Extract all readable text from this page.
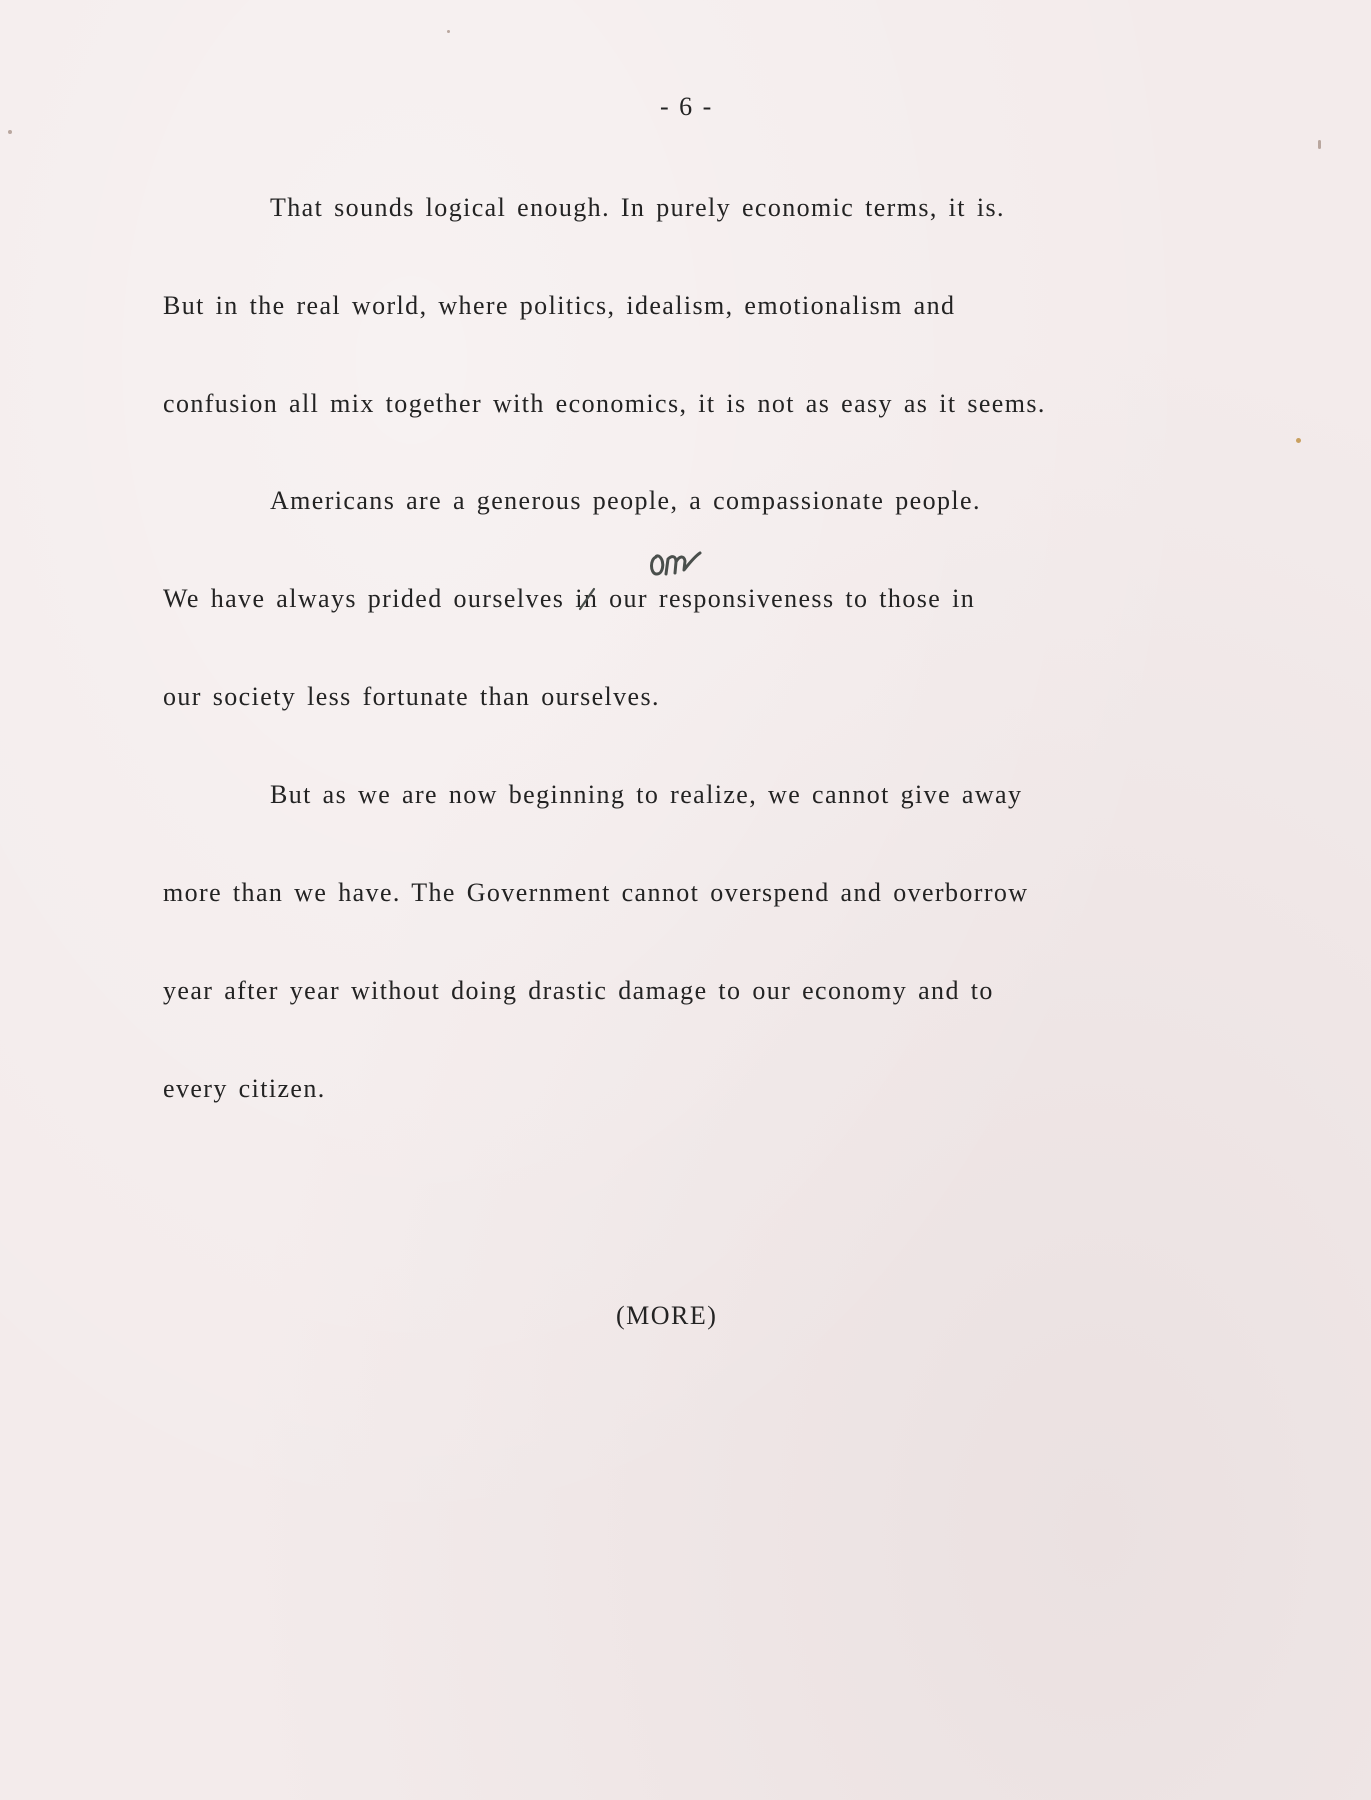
- 6 -
That sounds logical enough. In purely economic terms, it is.
But in the real world, where politics, idealism, emotionalism and
confusion all mix together with economics, it is not as easy as it seems.
Americans are a generous people, a compassionate people.
We have always prided ourselves in
our responsiveness to those in
our society less fortunate than ourselves.
But as we are now beginning to realize, we cannot give away
more than we have. The Government cannot overspend and overborrow
year after year without doing drastic damage to our economy and to
every citizen.
(MORE)
